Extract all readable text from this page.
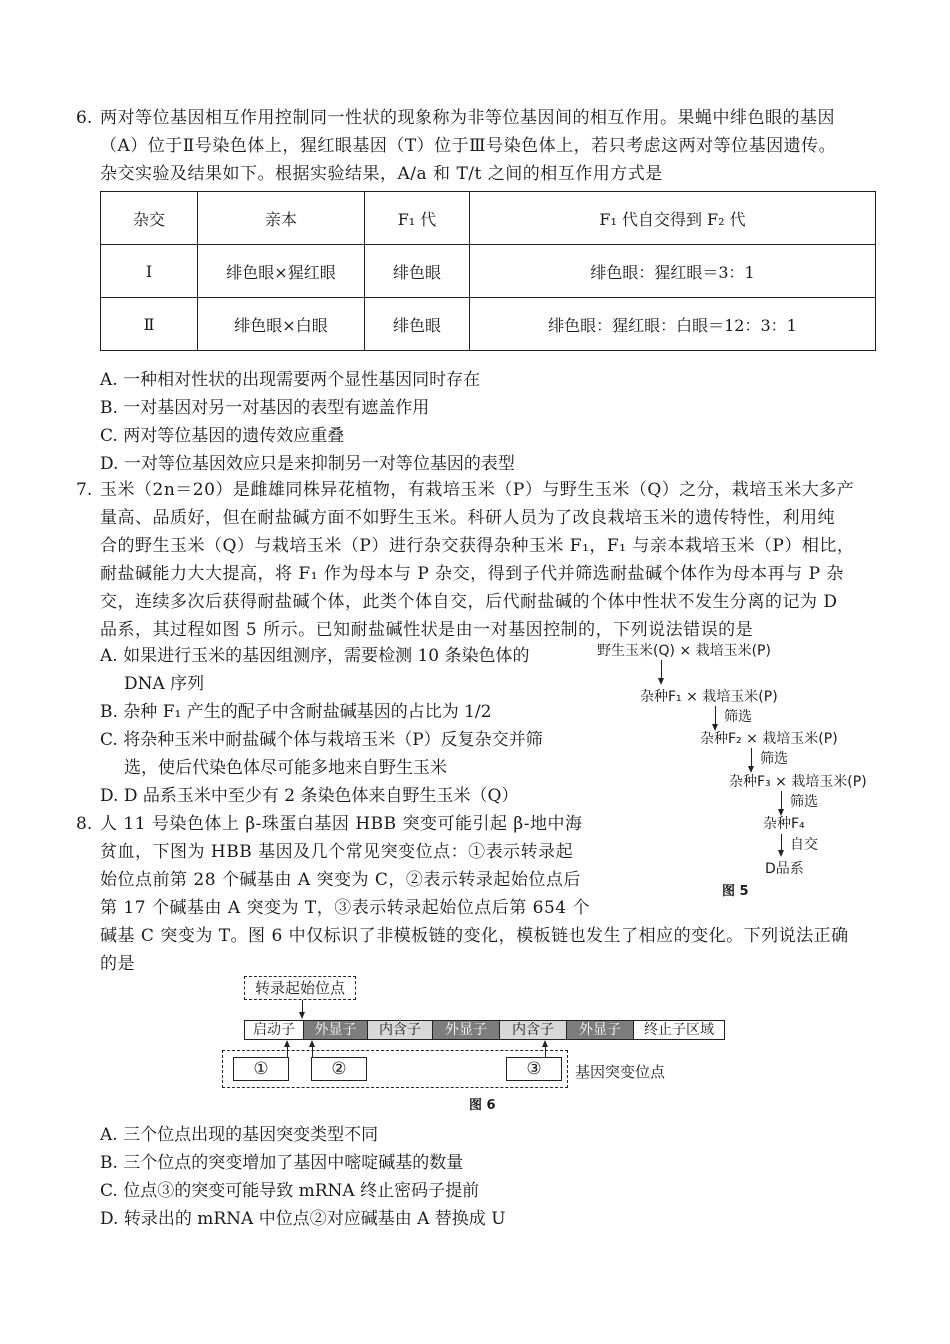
6. 两对等位基因相互作用控制同一性状的现象称为非等位基因间的相互作用。果蝇中绯色眼的基因
（A）位于Ⅱ号染色体上，猩红眼基因（T）位于Ⅲ号染色体上，若只考虑这两对等位基因遗传。
杂交实验及结果如下。根据实验结果，A/a 和 T/t 之间的相互作用方式是
杂交	亲本	F₁ 代	F₁ 代自交得到 F₂ 代
Ⅰ	绯色眼×猩红眼	绯色眼	绯色眼：猩红眼＝3：1
Ⅱ	绯色眼×白眼	绯色眼	绯色眼：猩红眼：白眼＝12：3：1
A. 一种相对性状的出现需要两个显性基因同时存在
B. 一对基因对另一对基因的表型有遮盖作用
C. 两对等位基因的遗传效应重叠
D. 一对等位基因效应只是来抑制另一对等位基因的表型
7. 玉米（2n＝20）是雌雄同株异花植物，有栽培玉米（P）与野生玉米（Q）之分，栽培玉米大多产
量高、品质好，但在耐盐碱方面不如野生玉米。科研人员为了改良栽培玉米的遗传特性，利用纯
合的野生玉米（Q）与栽培玉米（P）进行杂交获得杂种玉米 F₁，F₁ 与亲本栽培玉米（P）相比，
耐盐碱能力大大提高，将 F₁ 作为母本与 P 杂交，得到子代并筛选耐盐碱个体作为母本再与 P 杂
交，连续多次后获得耐盐碱个体，此类个体自交，后代耐盐碱的个体中性状不发生分离的记为 D
品系，其过程如图 5 所示。已知耐盐碱性状是由一对基因控制的，下列说法错误的是
A. 如果进行玉米的基因组测序，需要检测 10 条染色体的
DNA 序列
B. 杂种 F₁ 产生的配子中含耐盐碱基因的占比为 1/2
C. 将杂种玉米中耐盐碱个体与栽培玉米（P）反复杂交并筛
选，使后代染色体尽可能多地来自野生玉米
D. D 品系玉米中至少有 2 条染色体来自野生玉米（Q）
野生玉米(Q) × 栽培玉米(P)
杂种F₁ × 栽培玉米(P)
筛选
杂种F₂ × 栽培玉米(P)
筛选
杂种F₃ × 栽培玉米(P)
筛选
杂种F₄
自交
D品系
图 5
8. 人 11 号染色体上 β-珠蛋白基因 HBB 突变可能引起 β-地中海
贫血，下图为 HBB 基因及几个常见突变位点：①表示转录起
始位点前第 28 个碱基由 A 突变为 C，②表示转录起始位点后
第 17 个碱基由 A 突变为 T，③表示转录起始位点后第 654 个
碱基 C 突变为 T。图 6 中仅标识了非模板链的变化，模板链也发生了相应的变化。下列说法正确
的是
转录起始位点
启动子	外显子	内含子	外显子	内含子	外显子	终止子区域
①	②	③	基因突变位点
图 6
A. 三个位点出现的基因突变类型不同
B. 三个位点的突变增加了基因中嘧啶碱基的数量
C. 位点③的突变可能导致 mRNA 终止密码子提前
D. 转录出的 mRNA 中位点②对应碱基由 A 替换成 U
